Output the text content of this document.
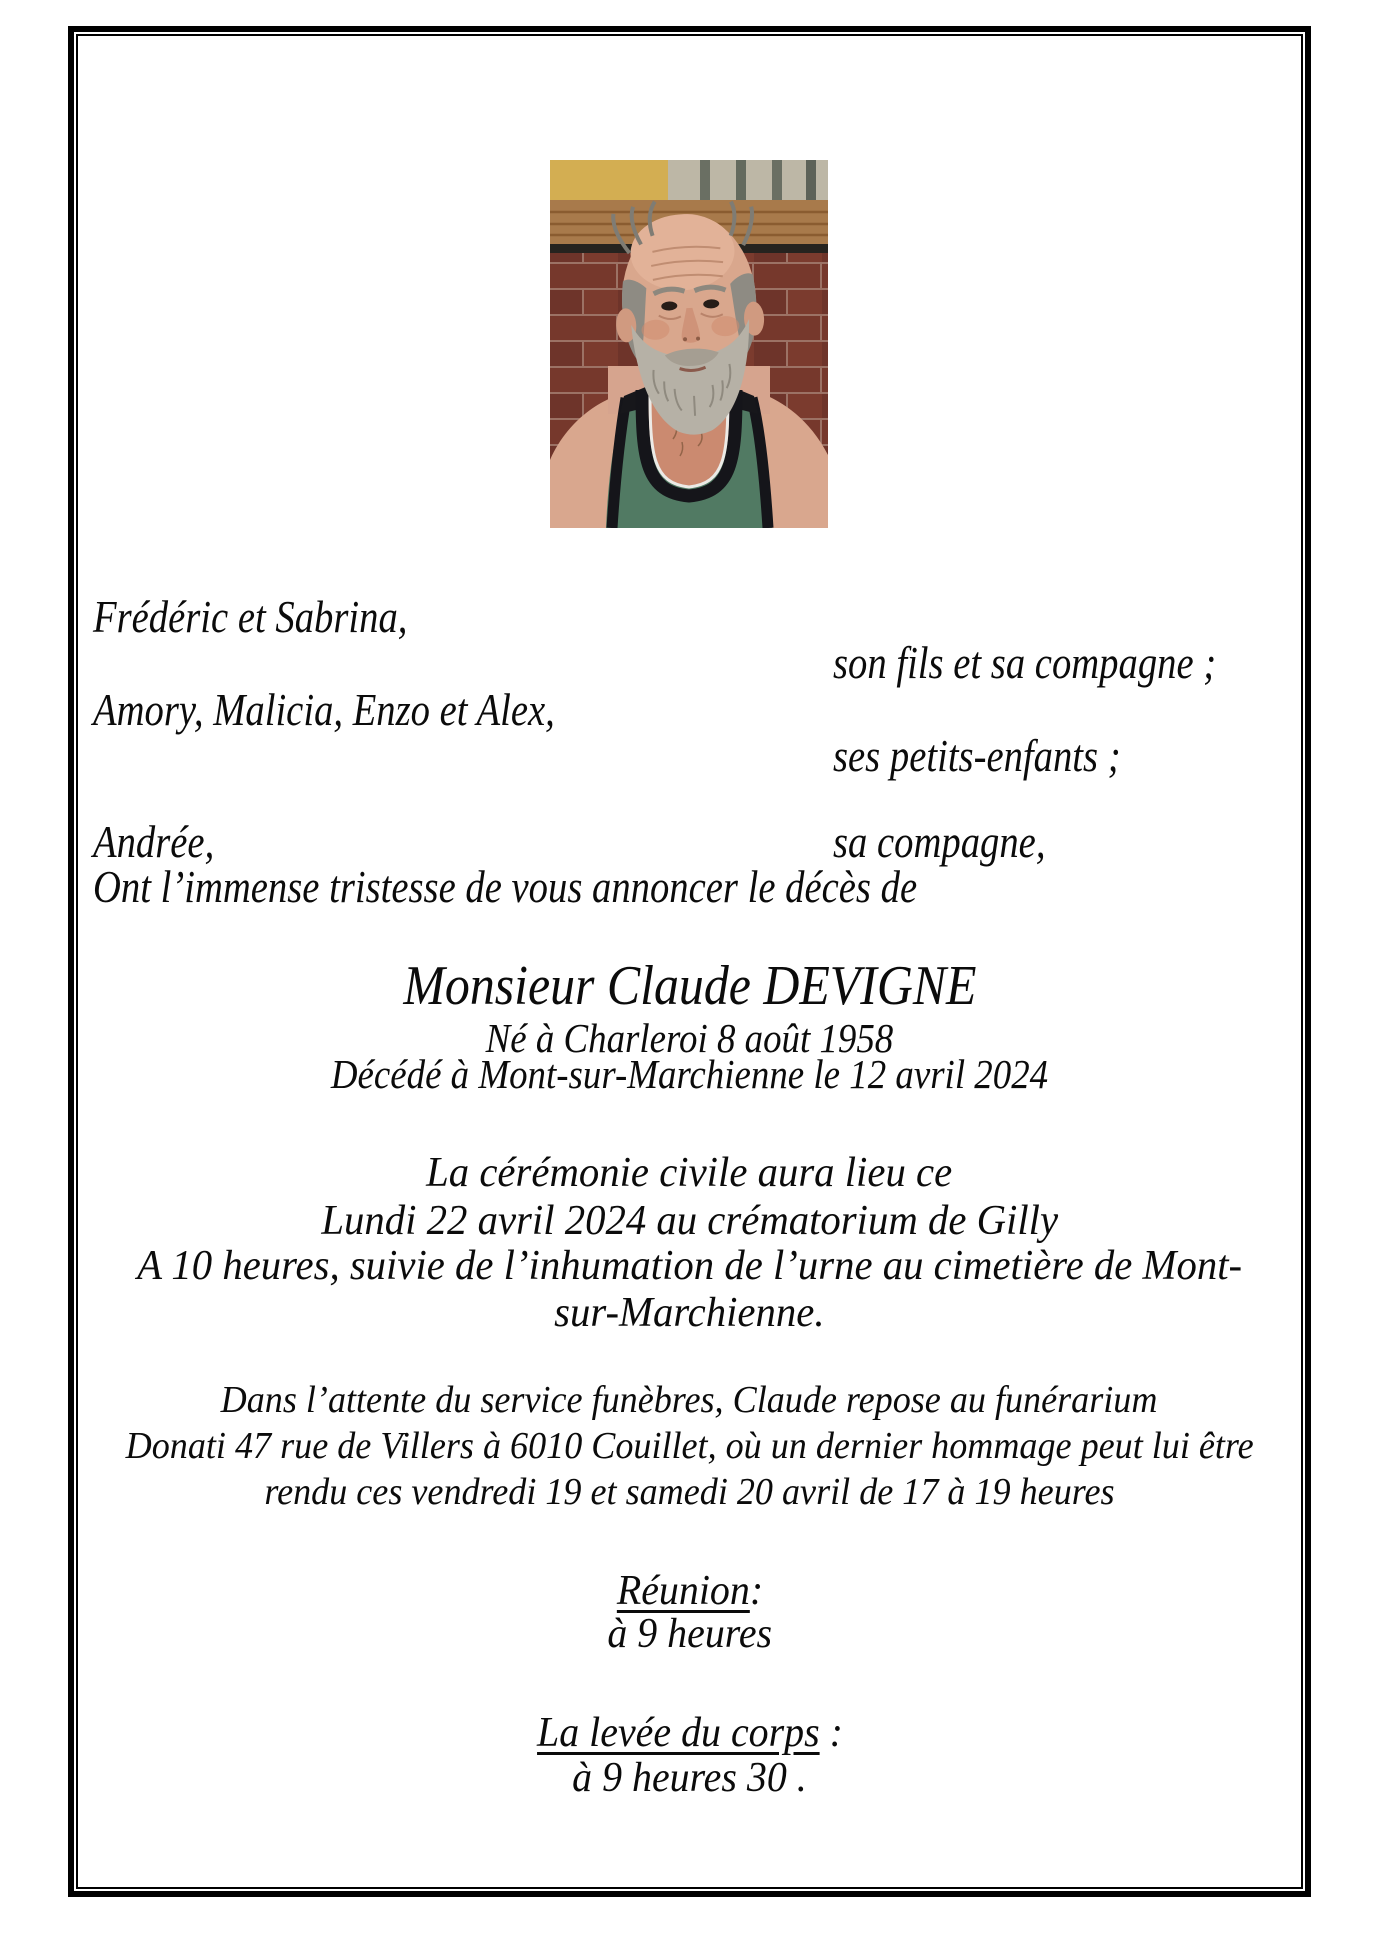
Frédéric et Sabrina,
son fils et sa compagne ;
Amory, Malicia, Enzo et Alex,
ses petits-enfants ;
Andrée,	sa compagne,
Ont l’immense tristesse de vous annoncer le décès de
Monsieur Claude DEVIGNE
Né à Charleroi 8 août 1958
Décédé à Mont-sur-Marchienne le 12 avril 2024
La cérémonie civile aura lieu ce
Lundi 22 avril 2024 au crématorium de Gilly
A 10 heures, suivie de l’inhumation de l’urne au cimetière de Mont-
sur-Marchienne.
Dans l’attente du service funèbres, Claude repose au funérarium
Donati 47 rue de Villers à 6010 Couillet, où un dernier hommage peut lui être
rendu ces vendredi 19 et samedi 20 avril de 17 à 19 heures
Réunion:
à 9 heures
La levée du corps :
à 9 heures 30 .
